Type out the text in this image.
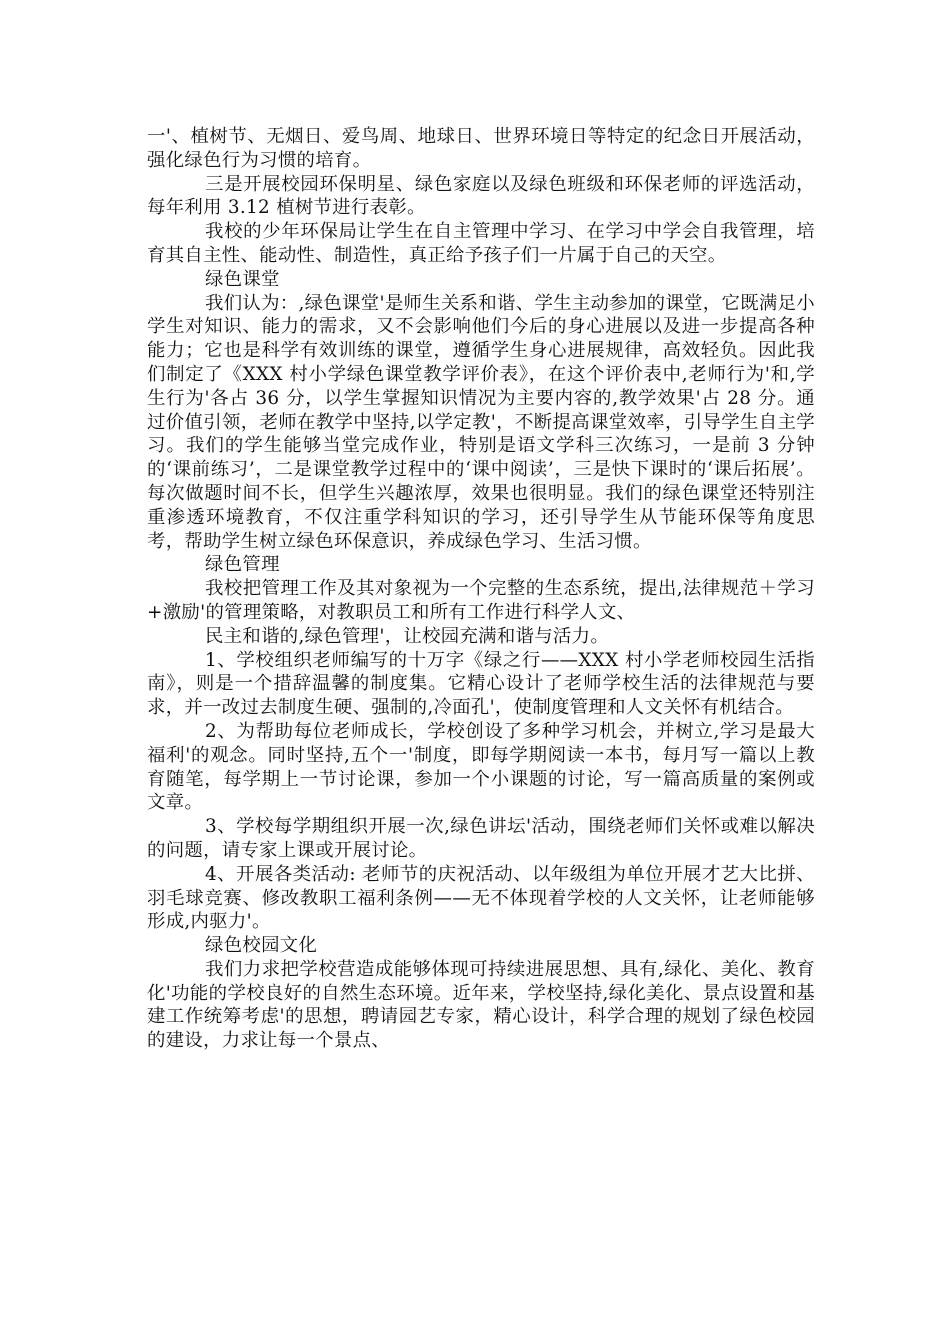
一'、植树节、无烟日、爱鸟周、地球日、世界环境日等特定的纪念日开展活动，强化绿色行为习惯的培育。

三是开展校园环保明星、绿色家庭以及绿色班级和环保老师的评选活动，每年利用 3.12 植树节进行表彰。

我校的少年环保局让学生在自主管理中学习、在学习中学会自我管理，培育其自主性、能动性、制造性，真正给予孩子们一片属于自己的天空。

绿色课堂

我们认为：,绿色课堂'是师生关系和谐、学生主动参加的课堂，它既满足小学生对知识、能力的需求，又不会影响他们今后的身心进展以及进一步提高各种能力；它也是科学有效训练的课堂，遵循学生身心进展规律，高效轻负。因此我们制定了《XXX 村小学绿色课堂教学评价表》，在这个评价表中,老师行为'和,学生行为'各占 36 分，以学生掌握知识情况为主要内容的,教学效果'占 28 分。通过价值引领，老师在教学中坚持,以学定教'，不断提高课堂效率，引导学生自主学习。我们的学生能够当堂完成作业，特别是语文学科三次练习，一是前 3 分钟的‘课前练习’，二是课堂教学过程中的‘课中阅读’，三是快下课时的‘课后拓展’。每次做题时间不长，但学生兴趣浓厚，效果也很明显。我们的绿色课堂还特别注重渗透环境教育，不仅注重学科知识的学习，还引导学生从节能环保等角度思考，帮助学生树立绿色环保意识，养成绿色学习、生活习惯。

绿色管理

我校把管理工作及其对象视为一个完整的生态系统，提出,法律规范＋学习+激励'的管理策略，对教职员工和所有工作进行科学人文、

民主和谐的,绿色管理'，让校园充满和谐与活力。

1、学校组织老师编写的十万字《绿之行——XXX 村小学老师校园生活指南》，则是一个措辞温馨的制度集。它精心设计了老师学校生活的法律规范与要求，并一改过去制度生硬、强制的,冷面孔'，使制度管理和人文关怀有机结合。

2、为帮助每位老师成长，学校创设了多种学习机会，并树立,学习是最大福利'的观念。同时坚持,五个一'制度，即每学期阅读一本书，每月写一篇以上教育随笔，每学期上一节讨论课，参加一个小课题的讨论，写一篇高质量的案例或文章。

3、学校每学期组织开展一次,绿色讲坛'活动，围绕老师们关怀或难以解决的问题，请专家上课或开展讨论。

4、开展各类活动: 老师节的庆祝活动、以年级组为单位开展才艺大比拼、羽毛球竞赛、修改教职工福利条例——无不体现着学校的人文关怀，让老师能够形成,内驱力'。

绿色校园文化

我们力求把学校营造成能够体现可持续进展思想、具有,绿化、美化、教育化'功能的学校良好的自然生态环境。近年来，学校坚持,绿化美化、景点设置和基建工作统筹考虑'的思想，聘请园艺专家，精心设计，科学合理的规划了绿色校园的建设，力求让每一个景点、
